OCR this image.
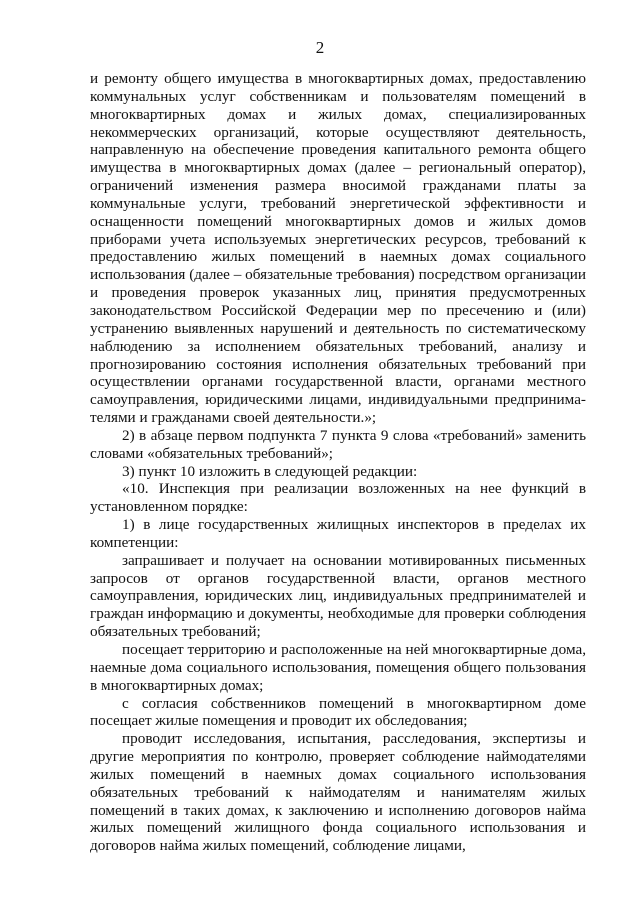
2

и ремонту общего имущества в многоквартирных домах, предоставлению коммунальных услуг собственникам и пользователям помещений в многоквартирных домах и жилых домах, специализированных некоммерческих организаций, которые осуществляют деятельность, направленную на обеспечение проведения капитального ремонта общего имущества в многоквартирных домах (далее – региональный оператор), ограничений изменения размера вносимой гражданами платы за коммунальные услуги, требований энергетической эффективности и оснащенности помещений многоквартирных домов и жилых домов приборами учета используемых энергетических ресурсов, требований к предоставлению жилых помещений в наемных домах социального использования (далее – обязательные требования) посредством организации и проведения проверок указанных лиц, принятия предусмотренных законодательством Российской Федерации мер по пресечению и (или) устранению выявленных нарушений и деятельность по систематическому наблюдению за исполнением обязательных требований, анализу и прогнозированию состояния исполнения обязательных требований при осуществлении органами государственной власти, органами местного самоуправления, юридическими лицами, индивидуальными предпринима-телями и гражданами своей деятельности.»;

2) в абзаце первом подпункта 7 пункта 9 слова «требований» заменить словами «обязательных требований»;

3) пункт 10 изложить в следующей редакции:

«10. Инспекция при реализации возложенных на нее функций в установленном порядке:

1) в лице государственных жилищных инспекторов в пределах их компетенции:

запрашивает и получает на основании мотивированных письменных запросов от органов государственной власти, органов местного самоуправления, юридических лиц, индивидуальных предпринимателей и граждан информацию и документы, необходимые для проверки соблюдения обязательных требований;

посещает территорию и расположенные на ней многоквартирные дома, наемные дома социального использования, помещения общего пользования в многоквартирных домах;

с согласия собственников помещений в многоквартирном доме посещает жилые помещения и проводит их обследования;

проводит исследования, испытания, расследования, экспертизы и другие мероприятия по контролю, проверяет соблюдение наймодателями жилых помещений в наемных домах социального использования обязательных требований к наймодателям и нанимателям жилых помещений в таких домах, к заключению и исполнению договоров найма жилых помещений жилищного фонда социального использования и договоров найма жилых помещений, соблюдение лицами,
